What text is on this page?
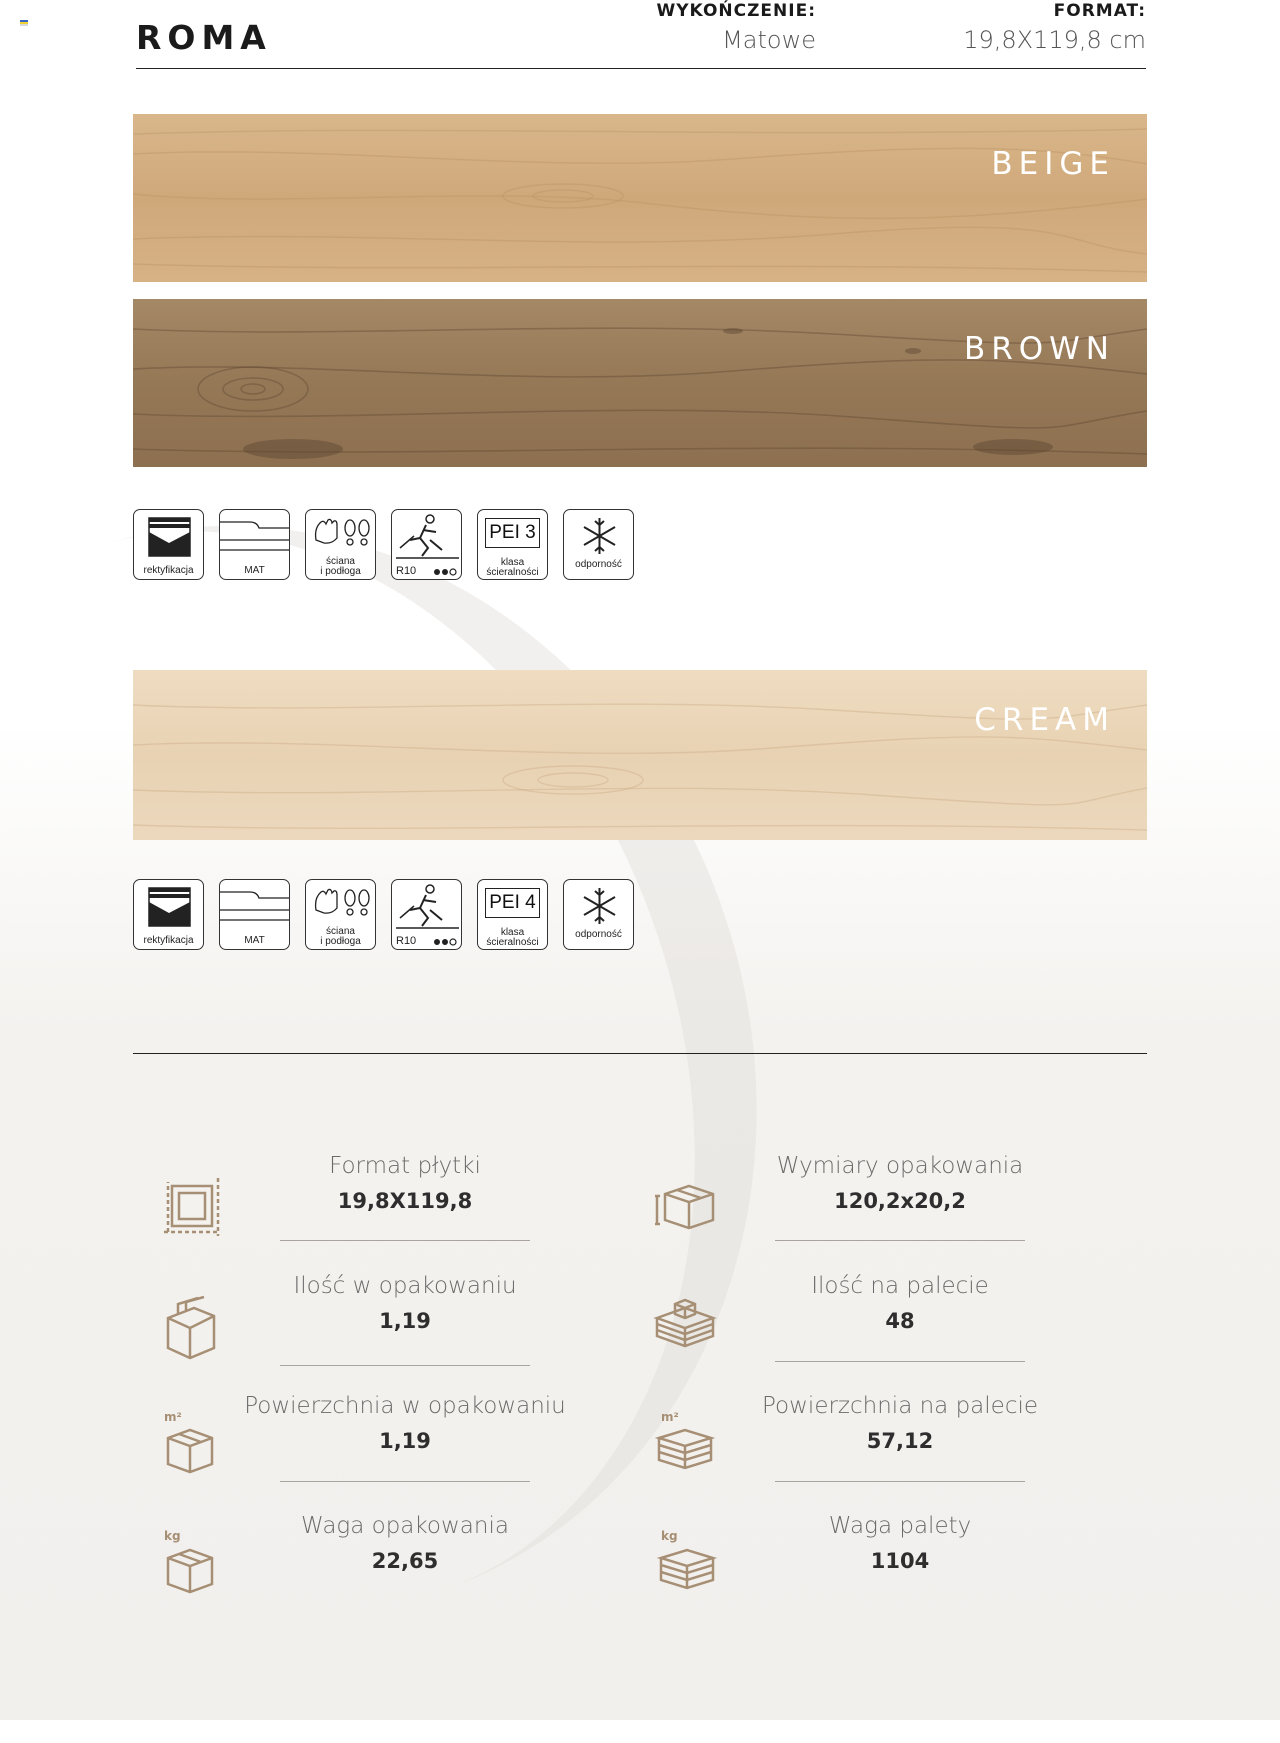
ROMA
WYKOŃCZENIE:
Matowe
FORMAT:
19,8X119,8 cm
BEIGE
BROWN
CREAM
rektyfikacja	MAT
ściana
i podłoga	R10
PEI 3
klasa
ścieralności
odporność
rektyfikacja	MAT
ściana
i podłoga	R10
PEI 4
klasa
ścieralności
odporność
Format płytki
19,8X119,8
Ilość w opakowaniu
1,19
m²	Powierzchnia w opakowaniu
1,19
kg	Waga opakowania
22,65
Wymiary opakowania
120,2x20,2
Ilość na palecie
48
m²	Powierzchnia na palecie
57,12
kg	Waga palety
1104
